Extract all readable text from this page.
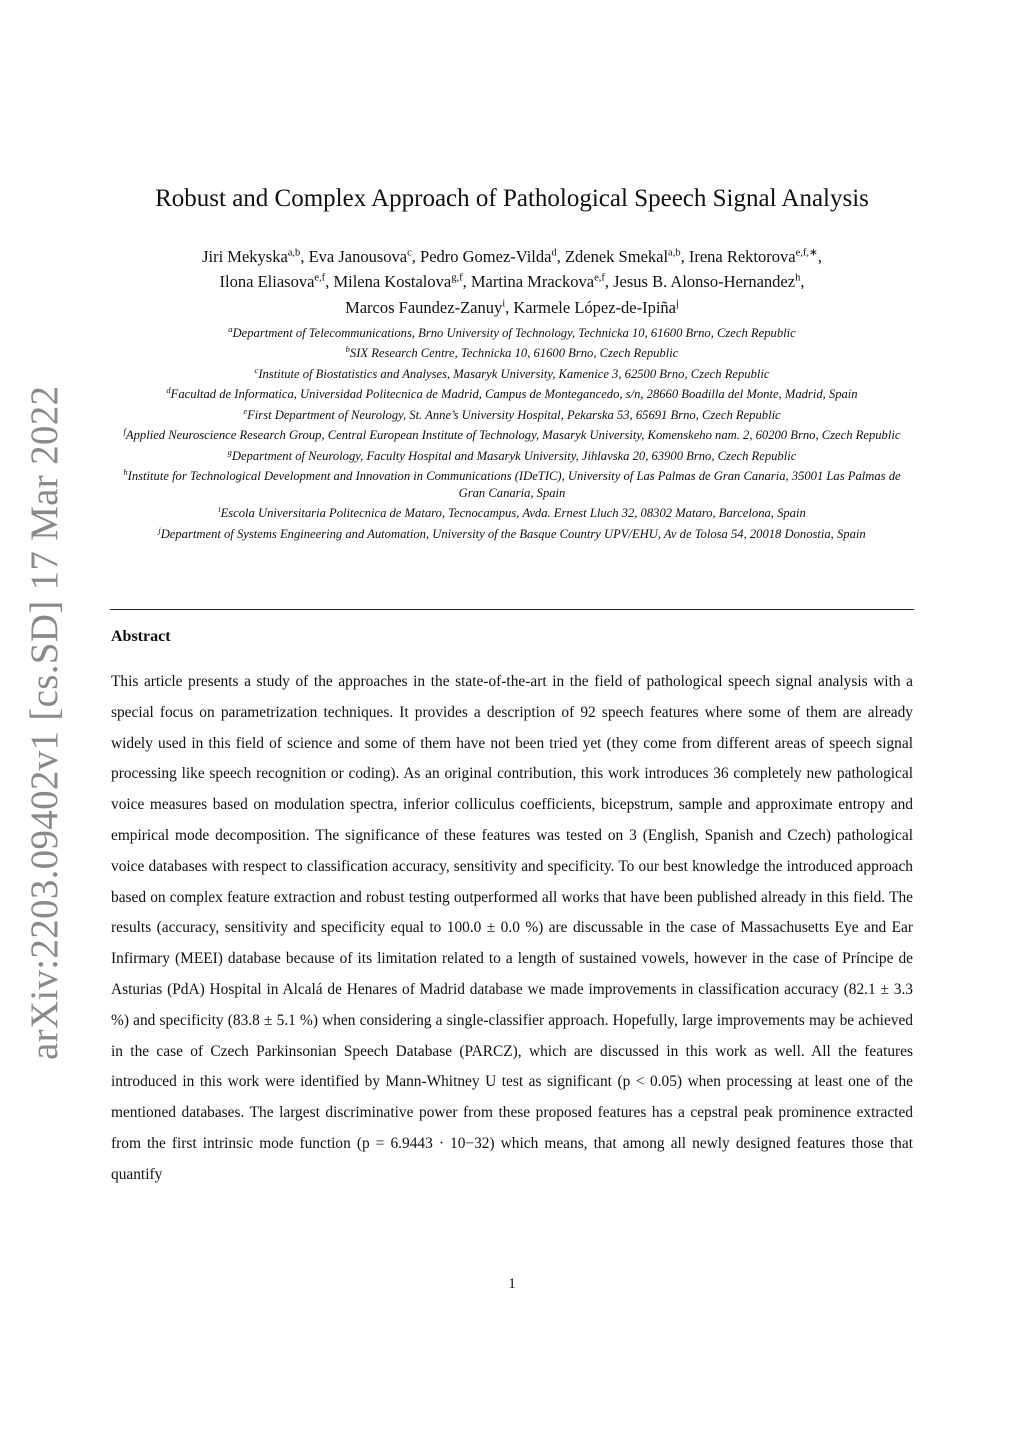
arXiv:2203.09402v1 [cs.SD] 17 Mar 2022
Robust and Complex Approach of Pathological Speech Signal Analysis
Jiri Mekyska$^{a,b}$, Eva Janousova$^c$, Pedro Gomez-Vilda$^d$, Zdenek Smekal$^{a,b}$, Irena Rektorova$^{e,f,∗}$,
Ilona Eliasova$^{e,f}$, Milena Kostalova$^{g,f}$, Martina Mrackova$^{e,f}$, Jesus B. Alonso-Hernandez$^h$,
Marcos Faundez-Zanuy$^i$, Karmele López-de-Ipiña$^j$
$^a$Department of Telecommunications, Brno University of Technology, Technicka 10, 61600 Brno, Czech Republic
$^b$SIX Research Centre, Technicka 10, 61600 Brno, Czech Republic
$^c$Institute of Biostatistics and Analyses, Masaryk University, Kamenice 3, 62500 Brno, Czech Republic
$^d$Facultad de Informatica, Universidad Politecnica de Madrid, Campus de Montegancedo, s/n, 28660 Boadilla del Monte, Madrid, Spain
$^e$First Department of Neurology, St. Anne’s University Hospital, Pekarska 53, 65691 Brno, Czech Republic
$^f$Applied Neuroscience Research Group, Central European Institute of Technology, Masaryk University, Komenskeho nam. 2, 60200 Brno, Czech Republic
$^g$Department of Neurology, Faculty Hospital and Masaryk University, Jihlavska 20, 63900 Brno, Czech Republic
$^h$Institute for Technological Development and Innovation in Communications (IDeTIC), University of Las Palmas de Gran Canaria, 35001 Las Palmas de Gran Canaria, Spain
$^i$Escola Universitaria Politecnica de Mataro, Tecnocampus, Avda. Ernest Lluch 32, 08302 Mataro, Barcelona, Spain
$^j$Department of Systems Engineering and Automation, University of the Basque Country UPV/EHU, Av de Tolosa 54, 20018 Donostia, Spain
Abstract
This article presents a study of the approaches in the state-of-the-art in the field of pathological speech signal analysis with a special focus on parametrization techniques. It provides a description of 92 speech features where some of them are already widely used in this field of science and some of them have not been tried yet (they come from different areas of speech signal processing like speech recognition or coding). As an original contribution, this work introduces 36 completely new pathological voice measures based on modulation spectra, inferior colliculus coefficients, bicepstrum, sample and approximate entropy and empirical mode decomposition. The significance of these features was tested on 3 (English, Spanish and Czech) pathological voice databases with respect to classification accuracy, sensitivity and specificity. To our best knowledge the introduced approach based on complex feature extraction and robust testing outperformed all works that have been published already in this field. The results (accuracy, sensitivity and specificity equal to 100.0 ± 0.0 %) are discussable in the case of Massachusetts Eye and Ear Infirmary (MEEI) database because of its limitation related to a length of sustained vowels, however in the case of Príncipe de Asturias (PdA) Hospital in Alcalá de Henares of Madrid database we made improvements in classification accuracy (82.1 ± 3.3 %) and specificity (83.8 ± 5.1 %) when considering a single-classifier approach. Hopefully, large improvements may be achieved in the case of Czech Parkinsonian Speech Database (PARCZ), which are discussed in this work as well. All the features introduced in this work were identified by Mann-Whitney U test as significant (p < 0.05) when processing at least one of the mentioned databases. The largest discriminative power from these proposed features has a cepstral peak prominence extracted from the first intrinsic mode function (p = 6.9443 · 10−32) which means, that among all newly designed features those that quantify
1
